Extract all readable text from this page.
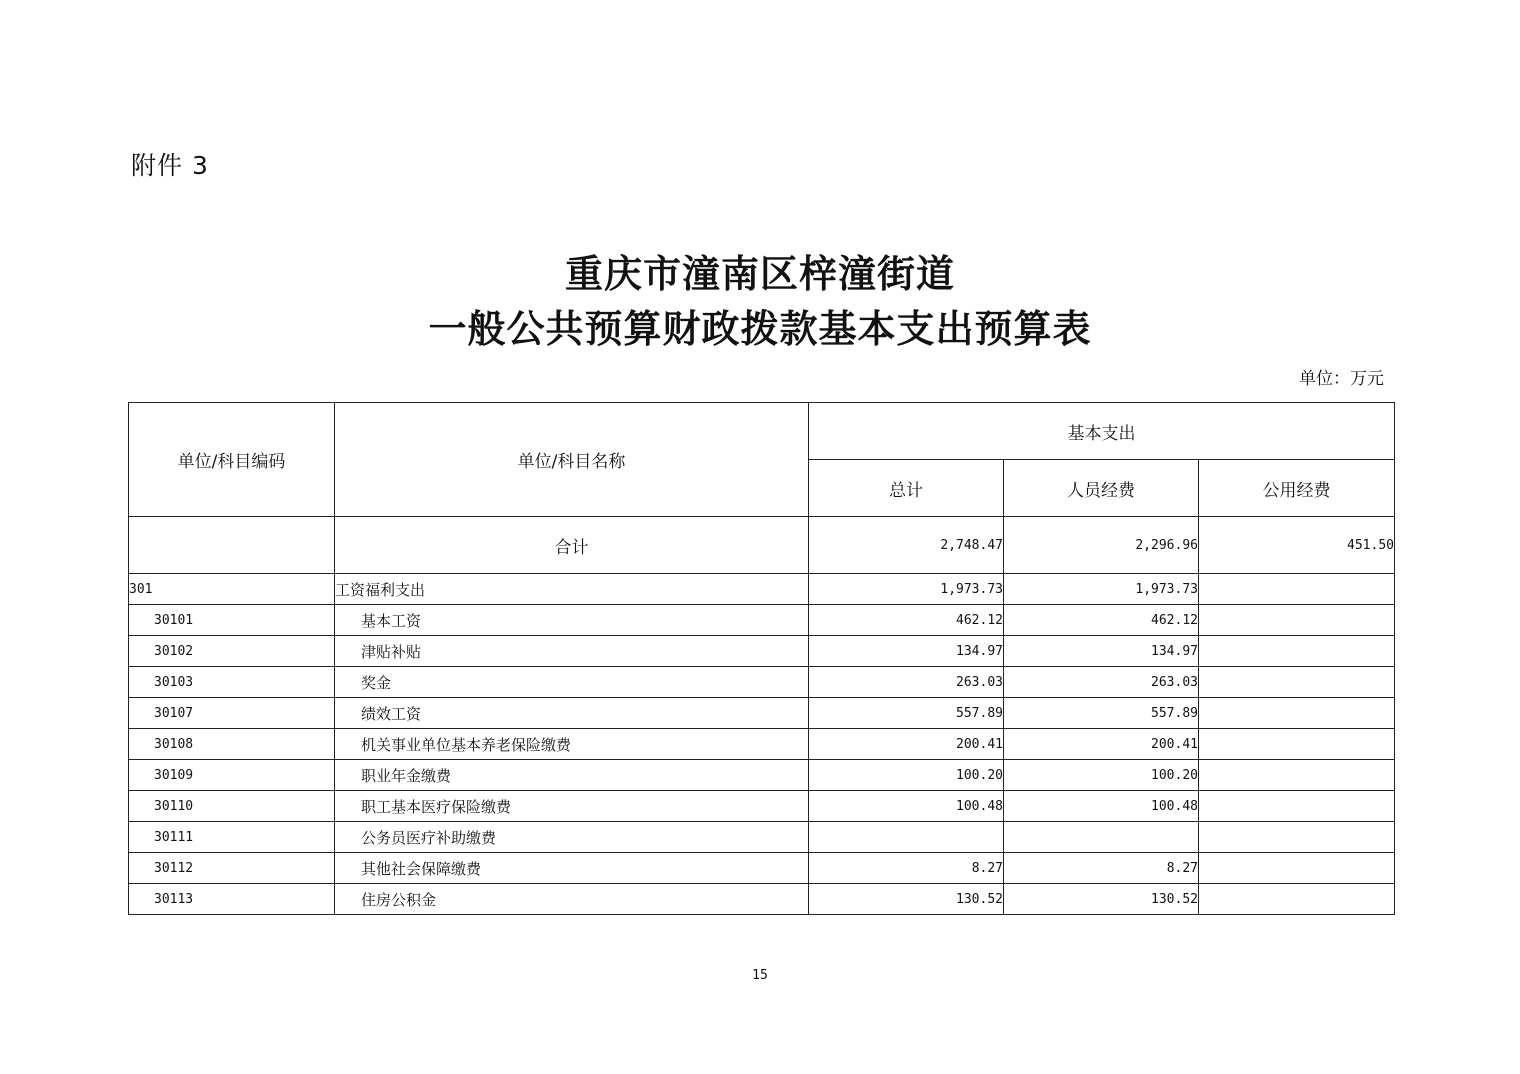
附件 3
重庆市潼南区梓潼街道
一般公共预算财政拨款基本支出预算表
单位：万元
单位/科目编码	单位/科目名称	基本支出		
		总计	人员经费	公用经费
	合计	2,748.47	2,296.96	451.50
301	工资福利支出	1,973.73	1,973.73	
30101	基本工资	462.12	462.12	
30102	津贴补贴	134.97	134.97	
30103	奖金	263.03	263.03	
30107	绩效工资	557.89	557.89	
30108	机关事业单位基本养老保险缴费	200.41	200.41	
30109	职业年金缴费	100.20	100.20	
30110	职工基本医疗保险缴费	100.48	100.48	
30111	公务员医疗补助缴费			
30112	其他社会保障缴费	8.27	8.27	
30113	住房公积金	130.52	130.52	
15
